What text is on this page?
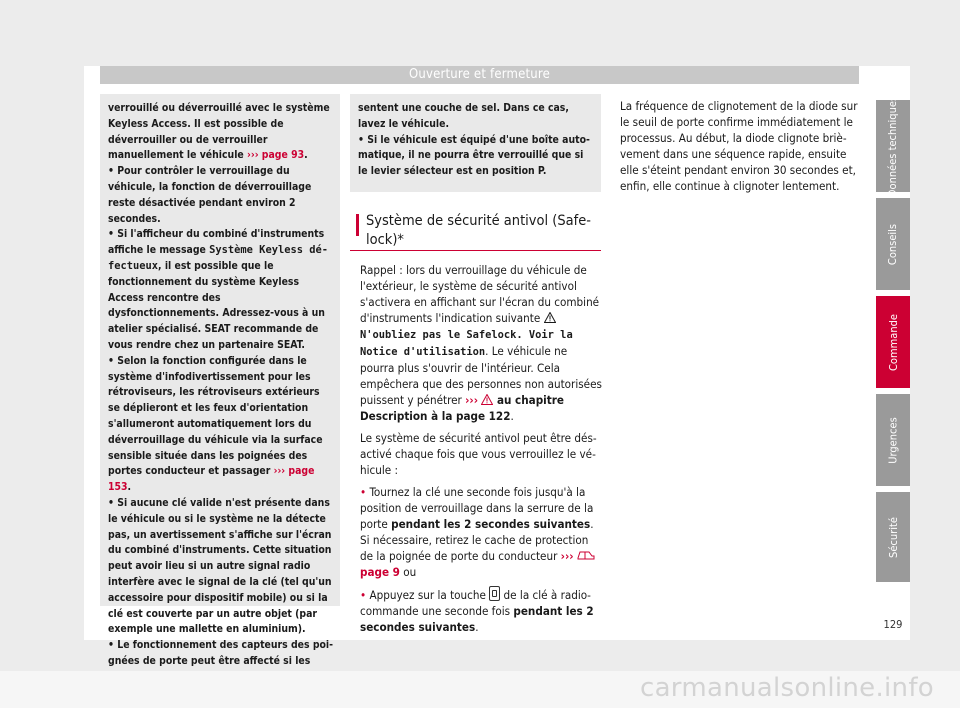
Ouverture et fermeture

verrouillé ou déverrouillé avec le système Keyless Access. Il est possible de déverrouiller ou de verrouiller manuellement le véhicule ››› page 93.

• Pour contrôler le verrouillage du véhicule, la fonction de déverrouillage reste désactivée pendant environ 2 secondes.

• Si l'afficheur du combiné d'instruments affiche le message Système Keyless défectueux, il est possible que le fonctionnement du système Keyless Access rencontre des dysfonctionnements. Adressez-vous à un atelier spécialisé. SEAT recommande de vous rendre chez un partenaire SEAT.

• Selon la fonction configurée dans le système d'infodivertissement pour les rétroviseurs, les rétroviseurs extérieurs se déplieront et les feux d'orientation s'allumeront automatiquement lors du déverrouillage du véhicule via la surface sensible située dans les poignées des portes conducteur et passager ››› page 153.

• Si aucune clé valide n'est présente dans le véhicule ou si le système ne la détecte pas, un avertissement s'affiche sur l'écran du combiné d'instruments. Cette situation peut avoir lieu si un autre signal radio interfère avec le signal de la clé (tel qu'un accessoire pour dispositif mobile) ou si la clé est couverte par un autre objet (par exemple une mallette en aluminium).

• Le fonctionnement des capteurs des poignées de porte peut être affecté si les

sentent une couche de sel. Dans ce cas, lavez le véhicule.

• Si le véhicule est équipé d'une boîte automatique, il ne pourra être verrouillé que si le levier sélecteur est en position P.

Système de sécurité antivol (Safelock)*

Rappel : lors du verrouillage du véhicule de l'extérieur, le système de sécurité antivol s'activera en affichant sur l'écran du combiné d'instruments l'indication suivante
N'oubliez pas le Safelock. Voir la Notice d'utilisation. Le véhicule ne pourra plus s'ouvrir de l'intérieur. Cela empêchera que des personnes non autorisées puissent y pénétrer ›››  au chapitre Description à la page 122.

Le système de sécurité antivol peut être désactivé chaque fois que vous verrouillez le véhicule :

• Tournez la clé une seconde fois jusqu'à la position de verrouillage dans la serrure de la porte pendant les 2 secondes suivantes. Si nécessaire, retirez le cache de protection de la poignée de porte du conducteur ›››  page 9 ou

• Appuyez sur la touche  de la clé à radiocommande une seconde fois pendant les 2 secondes suivantes.

La fréquence de clignotement de la diode sur le seuil de porte confirme immédiatement le processus. Au début, la diode clignote brièvement dans une séquence rapide, ensuite elle s'éteint pendant environ 30 secondes et, enfin, elle continue à clignoter lentement.	Données techniques
Conseils
Commande
Urgences
Sécurité
129
carmanualsonline.info
